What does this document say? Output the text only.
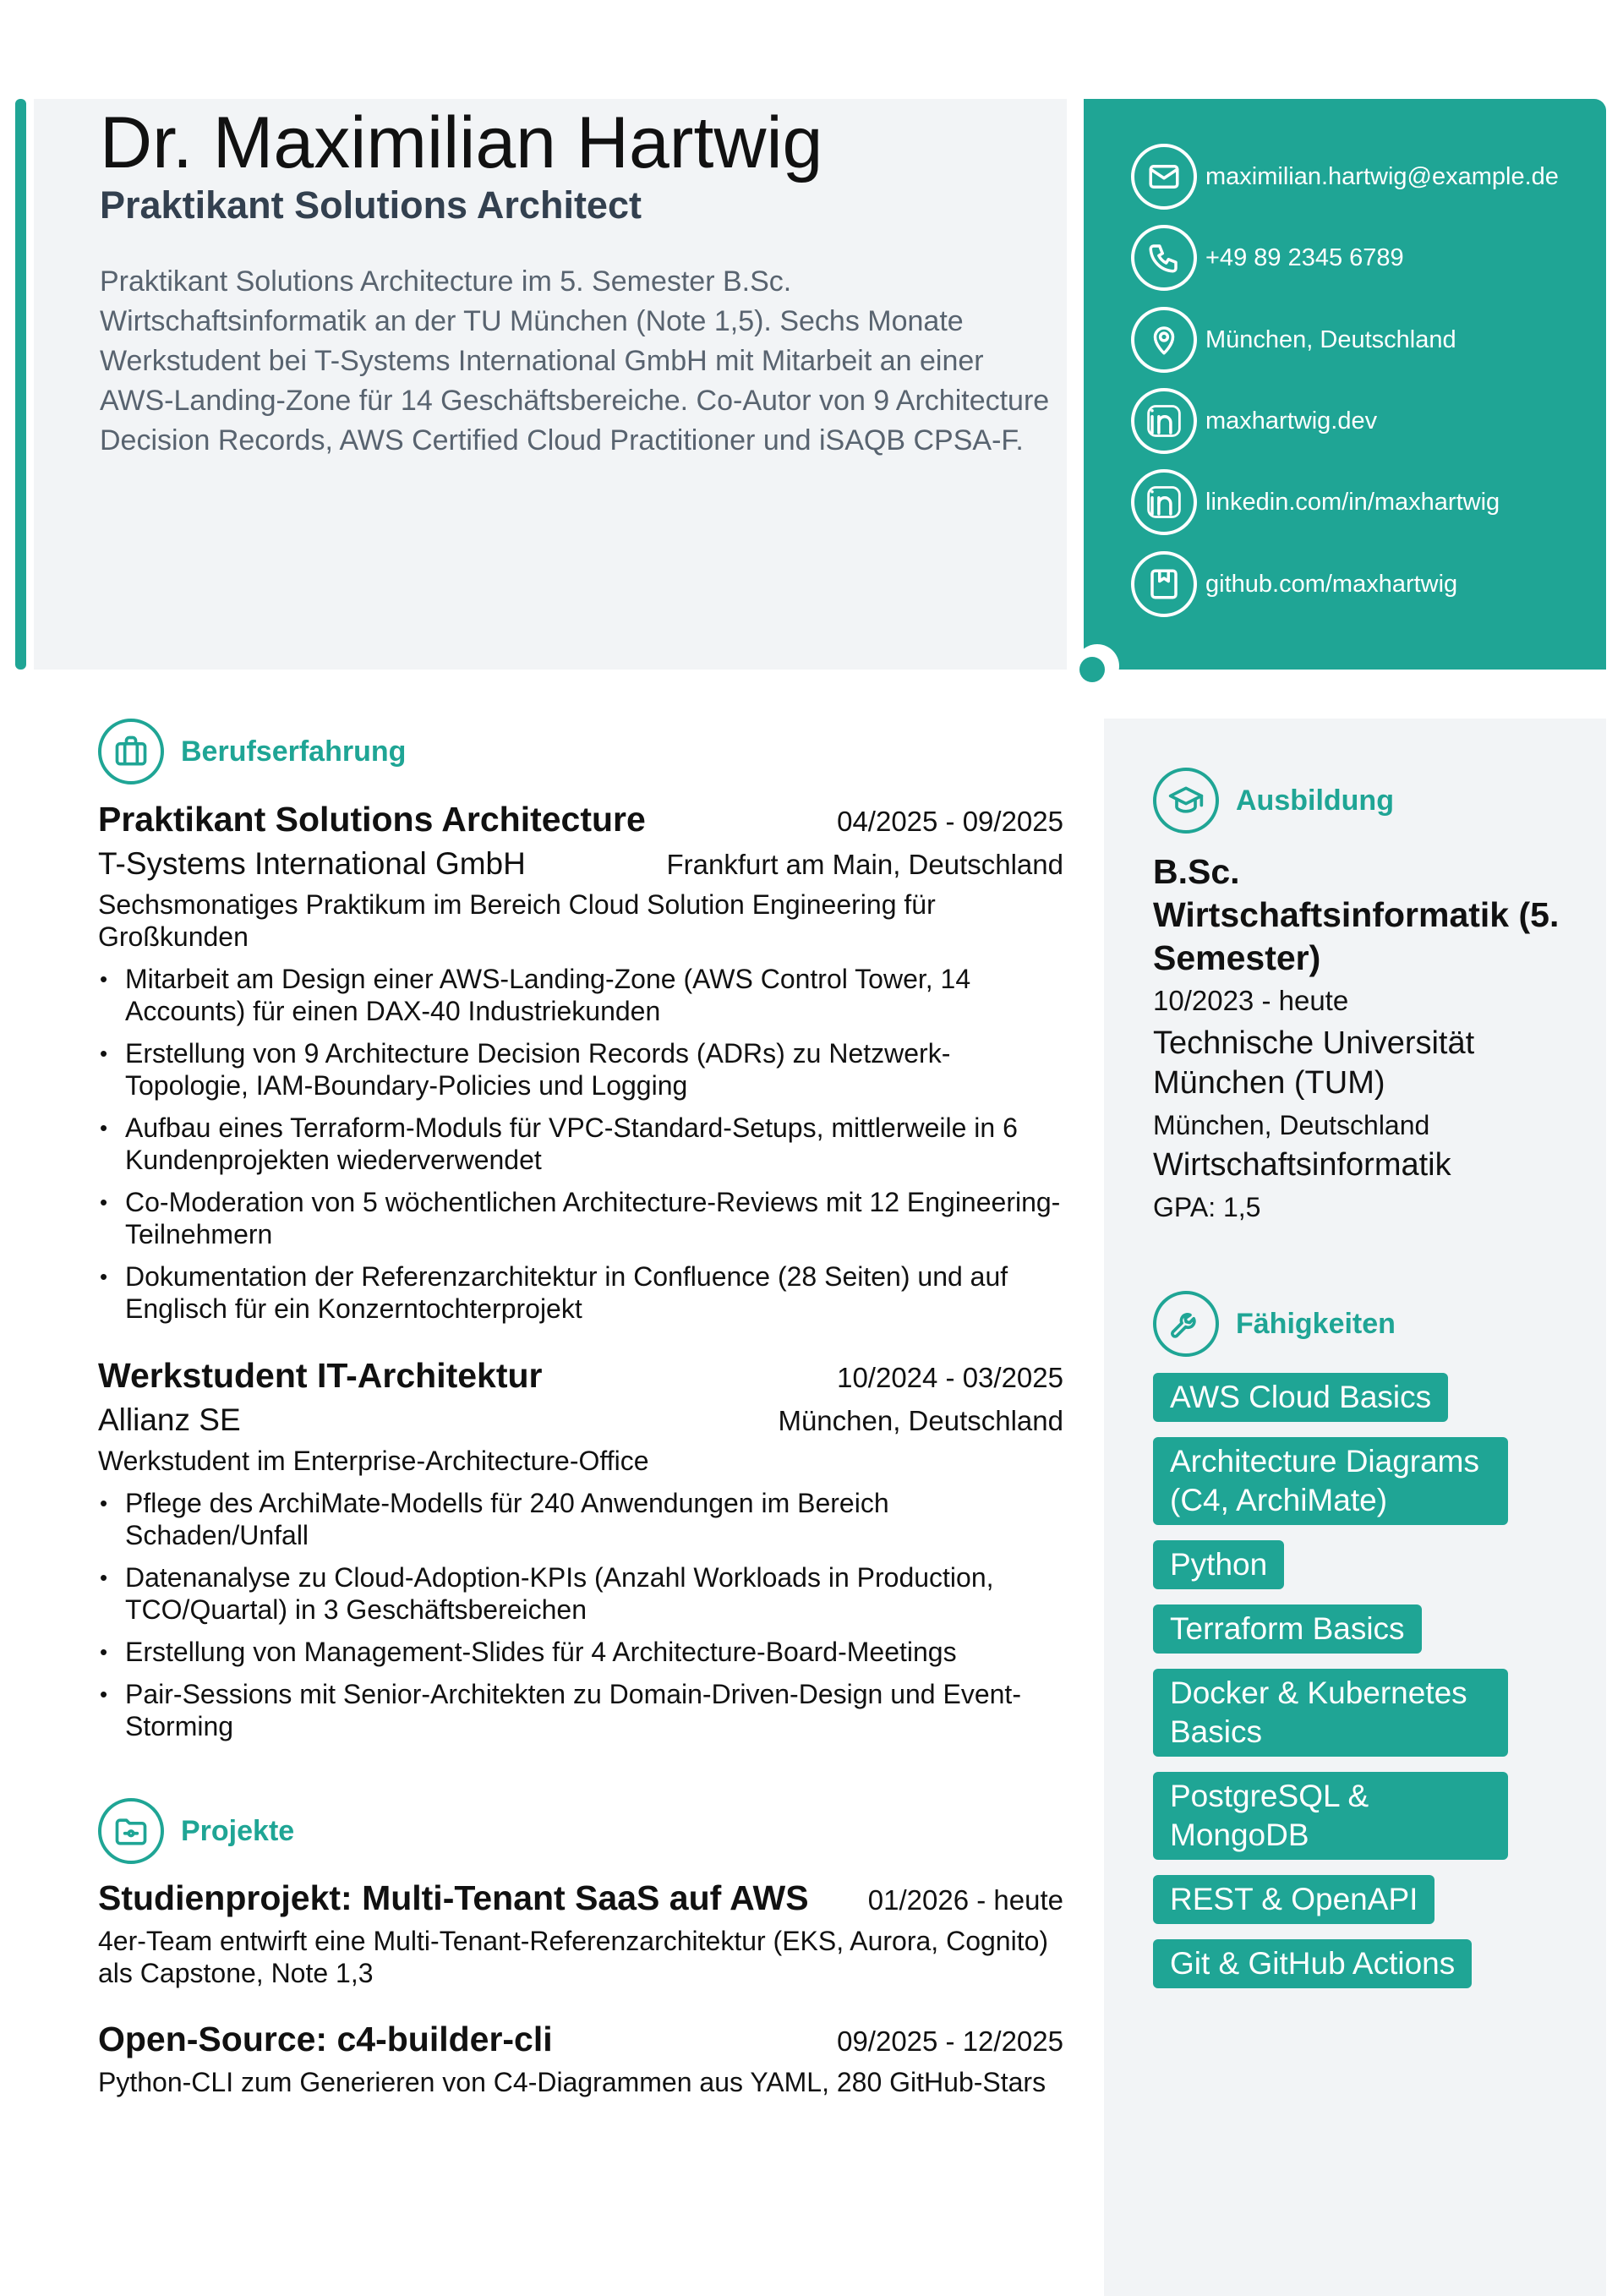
Dr. Maximilian Hartwig
Praktikant Solutions Architect

Praktikant Solutions Architecture im 5. Semester B.Sc. Wirtschaftsinformatik an der TU München (Note 1,5). Sechs Monate Werkstudent bei T-Systems International GmbH mit Mitarbeit an einer AWS-Landing-Zone für 14 Geschäftsbereiche. Co-Autor von 9 Architecture Decision Records, AWS Certified Cloud Practitioner und iSAQB CPSA-F.

maximilian.hartwig@example.de
+49 89 2345 6789
München, Deutschland
maxhartwig.dev
linkedin.com/in/maxhartwig
github.com/maxhartwig
Berufserfahrung
Praktikant Solutions Architecture	04/2025 - 09/2025
T-Systems International GmbH	Frankfurt am Main, Deutschland
Sechsmonatiges Praktikum im Bereich Cloud Solution Engineering für Großkunden
• Mitarbeit am Design einer AWS-Landing-Zone (AWS Control Tower, 14 Accounts) für einen DAX-40 Industriekunden
• Erstellung von 9 Architecture Decision Records (ADRs) zu Netzwerk-Topologie, IAM-Boundary-Policies und Logging
• Aufbau eines Terraform-Moduls für VPC-Standard-Setups, mittlerweile in 6 Kundenprojekten wiederverwendet
• Co-Moderation von 5 wöchentlichen Architecture-Reviews mit 12 Engineering-Teilnehmern
• Dokumentation der Referenzarchitektur in Confluence (28 Seiten) und auf Englisch für ein Konzerntochterprojekt
Werkstudent IT-Architektur	10/2024 - 03/2025
Allianz SE	München, Deutschland
Werkstudent im Enterprise-Architecture-Office
• Pflege des ArchiMate-Modells für 240 Anwendungen im Bereich Schaden/Unfall
• Datenanalyse zu Cloud-Adoption-KPIs (Anzahl Workloads in Production, TCO/Quartal) in 3 Geschäftsbereichen
• Erstellung von Management-Slides für 4 Architecture-Board-Meetings
• Pair-Sessions mit Senior-Architekten zu Domain-Driven-Design und Event-Storming
Projekte
Studienprojekt: Multi-Tenant SaaS auf AWS 01/2026 - heute
4er-Team entwirft eine Multi-Tenant-Referenzarchitektur (EKS, Aurora, Cognito) als Capstone, Note 1,3
Open-Source: c4-builder-cli	09/2025 - 12/2025
Python-CLI zum Generieren von C4-Diagrammen aus YAML, 280 GitHub-Stars
Ausbildung
B.Sc. Wirtschaftsinformatik (5. Semester)
10/2023 - heute
Technische Universität München (TUM)
München, Deutschland
Wirtschaftsinformatik
GPA: 1,5
Fähigkeiten
AWS Cloud Basics
Architecture Diagrams (C4, ArchiMate)
Python
Terraform Basics
Docker & Kubernetes Basics
PostgreSQL & MongoDB
REST & OpenAPI
Git & GitHub Actions
